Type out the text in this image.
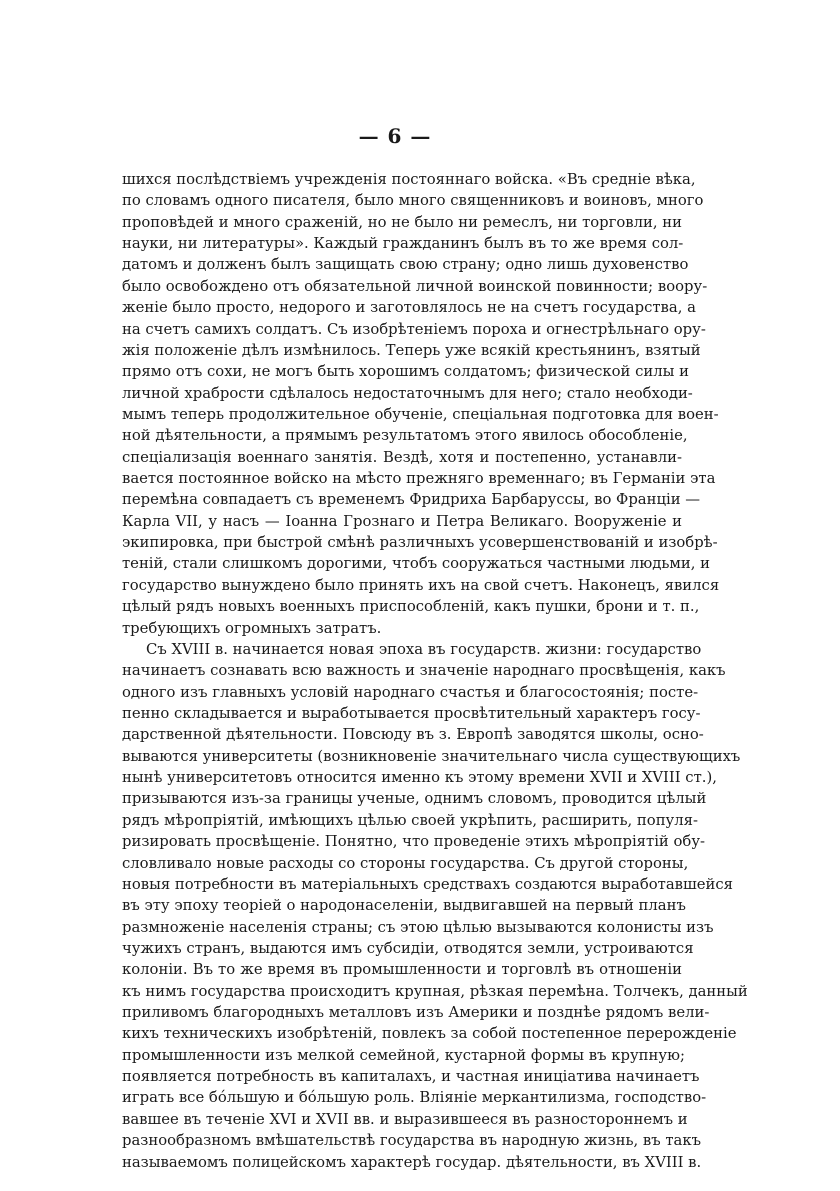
— 6 —
шихся послѣдствіемъ учрежденія постояннаго войска. «Въ средніе вѣка,
по словамъ одного писателя, было много священниковъ и воиновъ, много
проповѣдей и много сраженій, но не было ни ремеслъ, ни торговли, ни
науки, ни литературы». Каждый гражданинъ былъ въ то же время сол-
датомъ и долженъ былъ защищать свою страну; одно лишь духовенство
было освобождено отъ обязательной личной воинской повинности; воору-
женіе было просто, недорого и заготовлялось не на счетъ государства, а
на счетъ самихъ солдатъ. Съ изобрѣтеніемъ пороха и огнестрѣльнаго ору-
жія положеніе дѣлъ измѣнилось. Теперь уже всякій крестьянинъ, взятый
прямо отъ сохи, не могъ быть хорошимъ солдатомъ; физической силы и
личной храбрости сдѣлалось недостаточнымъ для него; стало необходи-
мымъ теперь продолжительное обученіе, спеціальная подготовка для воен-
ной дѣятельности, а прямымъ результатомъ этого явилось обособленіе,
спеціализація военнаго занятія. Вездѣ, хотя и постепенно, устанавли-
вается постоянное войско на мѣсто прежняго временнаго; въ Германіи эта
перемѣна совпадаетъ съ временемъ Фридриха Барбаруссы, во Франціи —
Карла VII, у насъ — Іоанна Грознаго и Петра Великаго. Вооруженіе и
экипировка, при быстрой смѣнѣ различныхъ усовершенствованій и изобрѣ-
теній, стали слишкомъ дорогими, чтобъ сооружаться частными людьми, и
государство вынуждено было принять ихъ на свой счетъ. Наконецъ, явился
цѣлый рядъ новыхъ военныхъ приспособленій, какъ пушки, брони и т. п.,
требующихъ огромныхъ затратъ.
Съ XVIII в. начинается новая эпоха въ государств. жизни: государство
начинаетъ сознавать всю важность и значеніе народнаго просвѣщенія, какъ
одного изъ главныхъ условій народнаго счастья и благосостоянія; посте-
пенно складывается и выработывается просвѣтительный характеръ госу-
дарственной дѣятельности. Повсюду въ з. Европѣ заводятся школы, осно-
вываются университеты (возникновеніе значительнаго числа существующихъ
нынѣ университетовъ относится именно къ этому времени XVII и XVIII ст.),
призываются изъ-за границы ученые, однимъ словомъ, проводится цѣлый
рядъ мѣропріятій, имѣющихъ цѣлью своей укрѣпить, расширить, популя-
ризировать просвѣщеніе. Понятно, что проведеніе этихъ мѣропріятій обу-
словливало новые расходы со стороны государства. Съ другой стороны,
новыя потребности въ матеріальныхъ средствахъ создаются выработавшейся
въ эту эпоху теоріей о народонаселеніи, выдвигавшей на первый планъ
размноженіе населенія страны; съ этою цѣлью вызываются колонисты изъ
чужихъ странъ, выдаются имъ субсидіи, отводятся земли, устроиваются
колоніи. Въ то же время въ промышленности и торговлѣ въ отношеніи
къ нимъ государства происходитъ крупная, рѣзкая перемѣна. Толчекъ, данный
приливомъ благородныхъ металловъ изъ Америки и позднѣе рядомъ вели-
кихъ техническихъ изобрѣтеній, повлекъ за собой постепенное перерожденіе
промышленности изъ мелкой семейной, кустарной формы въ крупную;
появляется потребность въ капиталахъ, и частная иниціатива начинаетъ
играть все бóльшую и бóльшую роль. Вліяніе меркантилизма, господство-
вавшее въ теченіе XVI и XVII вв. и выразившееся въ разностороннемъ и
разнообразномъ вмѣшательствѣ государства въ народную жизнь, въ такъ
называемомъ полицейскомъ характерѣ государ. дѣятельности, въ XVIII в.
